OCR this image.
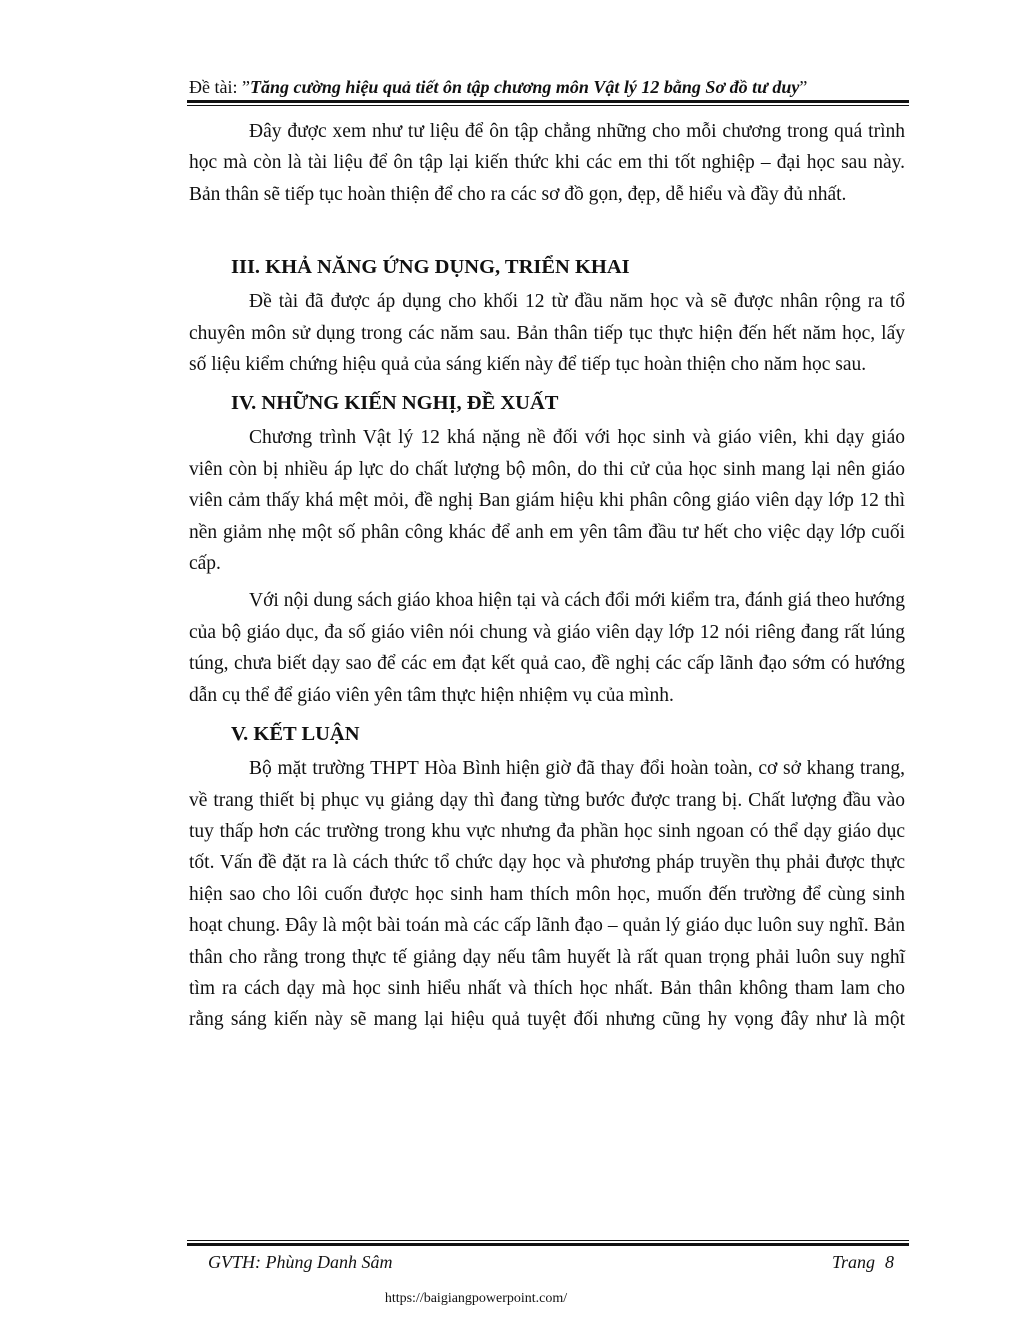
Đề tài: ”Tăng cường hiệu quả tiết ôn tập chương môn Vật lý 12 bằng Sơ đồ tư duy”

Đây được xem như tư liệu để ôn tập chẳng những cho mỗi chương trong quá trình học mà còn là tài liệu để ôn tập lại kiến thức khi các em thi tốt nghiệp – đại học sau này. Bản thân sẽ tiếp tục hoàn thiện để cho ra các sơ đồ gọn, đẹp, dễ hiểu và đầy đủ nhất.

III. KHẢ NĂNG ỨNG DỤNG, TRIỂN KHAI

Đề tài đã được áp dụng cho khối 12 từ đầu năm học và sẽ được nhân rộng ra tổ chuyên môn sử dụng trong các năm sau. Bản thân tiếp tục thực hiện đến hết năm học, lấy số liệu kiểm chứng hiệu quả của sáng kiến này để tiếp tục hoàn thiện cho năm học sau.

IV. NHỮNG KIẾN NGHỊ, ĐỀ XUẤT

Chương trình Vật lý 12 khá nặng nề đối với học sinh và giáo viên, khi dạy giáo viên còn bị nhiều áp lực do chất lượng bộ môn, do thi cử của học sinh mang lại nên giáo viên cảm thấy khá mệt mỏi, đề nghị Ban giám hiệu khi phân công giáo viên dạy lớp 12 thì nền giảm nhẹ một số phân công khác để anh em yên tâm đầu tư hết cho việc dạy lớp cuối cấp.

Với nội dung sách giáo khoa hiện tại và cách đổi mới kiểm tra, đánh giá theo hướng của bộ giáo dục, đa số giáo viên nói chung và giáo viên dạy lớp 12 nói riêng đang rất lúng túng, chưa biết dạy sao để các em đạt kết quả cao, đề nghị các cấp lãnh đạo sớm có hướng dẫn cụ thể để giáo viên yên tâm thực hiện nhiệm vụ của mình.

V. KẾT LUẬN

Bộ mặt trường THPT Hòa Bình hiện giờ đã thay đổi hoàn toàn, cơ sở khang trang, về trang thiết bị phục vụ giảng dạy thì đang từng bước được trang bị. Chất lượng đầu vào tuy thấp hơn các trường trong khu vực nhưng đa phần học sinh ngoan có thể dạy giáo dục tốt. Vấn đề đặt ra là cách thức tổ chức dạy học và phương pháp truyền thụ phải được thực hiện sao cho lôi cuốn được học sinh ham thích môn học, muốn đến trường để cùng sinh hoạt chung. Đây là một bài toán mà các cấp lãnh đạo – quản lý giáo dục luôn suy nghĩ. Bản thân cho rằng trong thực tế giảng dạy nếu tâm huyết là rất quan trọng phải luôn suy nghĩ tìm ra cách dạy mà học sinh hiểu nhất và thích học nhất. Bản thân không tham lam cho rằng sáng kiến này sẽ mang lại hiệu quả tuyệt đối nhưng cũng hy vọng đây như là một

GVTH: Phùng Danh Sâm	Trang 8
https://baigiangpowerpoint.com/
